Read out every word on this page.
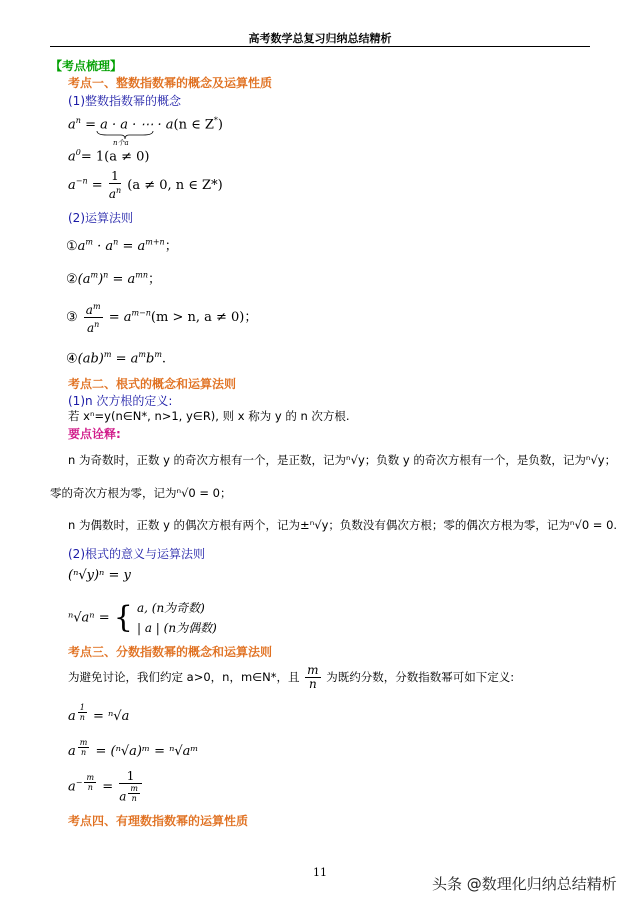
高考数学总复习归纳总结精析
【考点梳理】
考点一、整数指数幂的概念及运算性质
(1)整数指数幂的概念
$a^n = a \cdot a$ · ⋯ · a(n ∈ Z*)
n个a
$a^0= 1(a \ne 0)$
$a^{-n} = \frac{1}{a^n} (a \ne 0$, n ∈ Z*)
(2)运算法则
$①a^m \cdot a^n = a^{m+n}$；
$②(a^m)^n = a^{mn}$；
③ $\frac{a^m}{a^n} = a^{m-n}(m > n$, a ≠ 0)；
④(ab)$^m$ = $a^mb^m$.
考点二、根式的概念和运算法则
(1)n 次方根的定义:
若 xⁿ=y(n∈N*, n>1, y∈R), 则 x 称为 y 的 n 次方根.
要点诠释:
n 为奇数时，正数 y 的奇次方根有一个，是正数，记为ⁿ√y；负数 y 的奇次方根有一个，是负数，记为ⁿ√y；
零的奇次方根为零，记为ⁿ√0 = 0；
n 为偶数时，正数 y 的偶次方根有两个，记为±ⁿ√y；负数没有偶次方根；零的偶次方根为零，记为ⁿ√0 = 0.
(2)根式的意义与运算法则
(ⁿ√y)ⁿ = y
ⁿ√aⁿ = { a, (n为奇数)
| a | (n为偶数)
考点三、分数指数幂的概念和运算法则
为避免讨论，我们约定 a>0，n，m∈N*，且 $\frac{m}{n}$ 为既约分数，分数指数幂可如下定义:
a $^{\frac{1}{n}}$ = ⁿ√a
a $^{\frac{m}{n}}$ = (ⁿ√a)ᵐ = ⁿ√aᵐ
$a^{- \frac{m}{n}} = 1$
a $^{\frac{m}{n}}$
考点四、有理数指数幂的运算性质
11
头条 @数理化归纳总结精析
